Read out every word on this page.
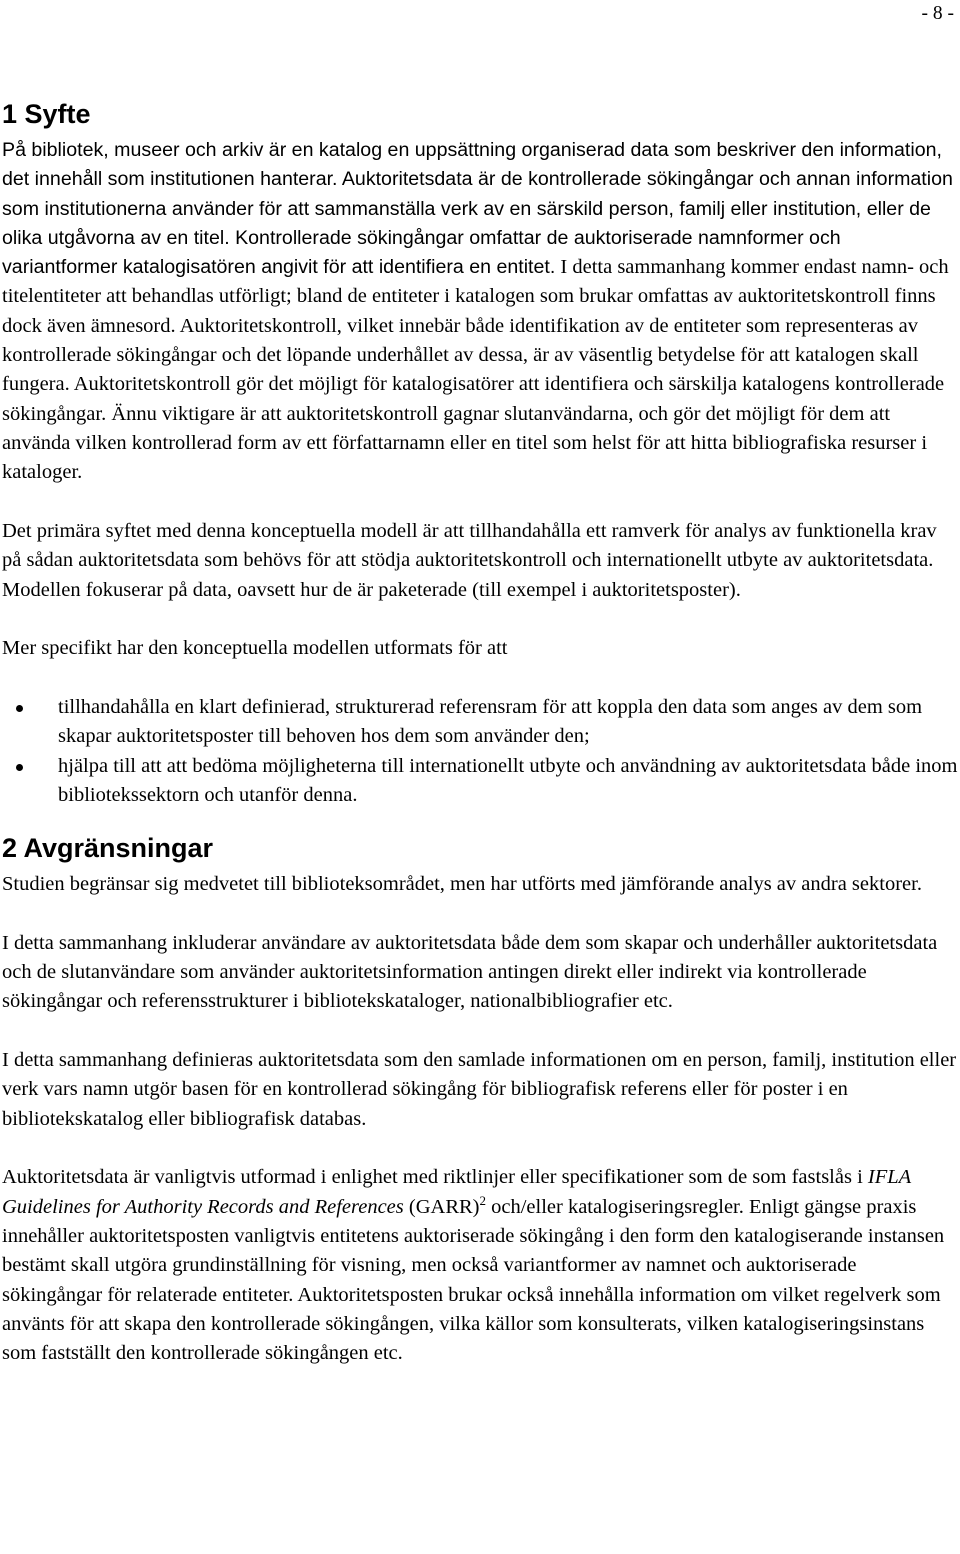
- 8 -
1 Syfte

På bibliotek, museer och arkiv är en katalog en uppsättning organiserad data som beskriver den information, det innehåll som institutionen hanterar. Auktoritetsdata är de kontrollerade sökingångar och annan information som institutionerna använder för att sammanställa verk av en särskild person, familj eller institution, eller de olika utgåvorna av en titel. Kontrollerade sökingångar omfattar de auktoriserade namnformer och variantformer katalogisatören angivit för att identifiera en entitet. I detta sammanhang kommer endast namn- och titelentiteter att behandlas utförligt; bland de entiteter i katalogen som brukar omfattas av auktoritetskontroll finns dock även ämnesord. Auktoritetskontroll, vilket innebär både identifikation av de entiteter som representeras av kontrollerade sökingångar och det löpande underhållet av dessa, är av väsentlig betydelse för att katalogen skall fungera. Auktoritetskontroll gör det möjligt för katalogisatörer att identifiera och särskilja katalogens kontrollerade sökingångar. Ännu viktigare är att auktoritetskontroll gagnar slutanvändarna, och gör det möjligt för dem att använda vilken kontrollerad form av ett författarnamn eller en titel som helst för att hitta bibliografiska resurser i kataloger.

Det primära syftet med denna konceptuella modell är att tillhandahålla ett ramverk för analys av funktionella krav på sådan auktoritetsdata som behövs för att stödja auktoritetskontroll och internationellt utbyte av auktoritetsdata. Modellen fokuserar på data, oavsett hur de är paketerade (till exempel i auktoritetsposter).

Mer specifikt har den konceptuella modellen utformats för att

tillhandahålla en klart definierad, strukturerad referensram för att koppla den data som anges av dem som skapar auktoritetsposter till behoven hos dem som använder den;
hjälpa till att att bedöma möjligheterna till internationellt utbyte och användning av auktoritetsdata både inom bibliotekssektorn och utanför denna.
2 Avgränsningar

Studien begränsar sig medvetet till biblioteksområdet, men har utförts med jämförande analys av andra sektorer.

I detta sammanhang inkluderar användare av auktoritetsdata både dem som skapar och underhåller auktoritetsdata och de slutanvändare som använder auktoritetsinformation antingen direkt eller indirekt via kontrollerade sökingångar och referensstrukturer i bibliotekskataloger, nationalbibliografier etc.

I detta sammanhang definieras auktoritetsdata som den samlade informationen om en person, familj, institution eller verk vars namn utgör basen för en kontrollerad sökingång för bibliografisk referens eller för poster i en bibliotekskatalog eller bibliografisk databas.

Auktoritetsdata är vanligtvis utformad i enlighet med riktlinjer eller specifikationer som de som fastslås i IFLA Guidelines for Authority Records and References (GARR)$^2$ och/eller katalogiseringsregler. Enligt gängse praxis innehåller auktoritetsposten vanligtvis entitetens auktoriserade sökingång i den form den katalogiserande instansen bestämt skall utgöra grundinställning för visning, men också variantformer av namnet och auktoriserade sökingångar för relaterade entiteter. Auktoritetsposten brukar också innehålla information om vilket regelverk som använts för att skapa den kontrollerade sökingången, vilka källor som konsulterats, vilken katalogiseringsinstans som fastställt den kontrollerade sökingången etc.
